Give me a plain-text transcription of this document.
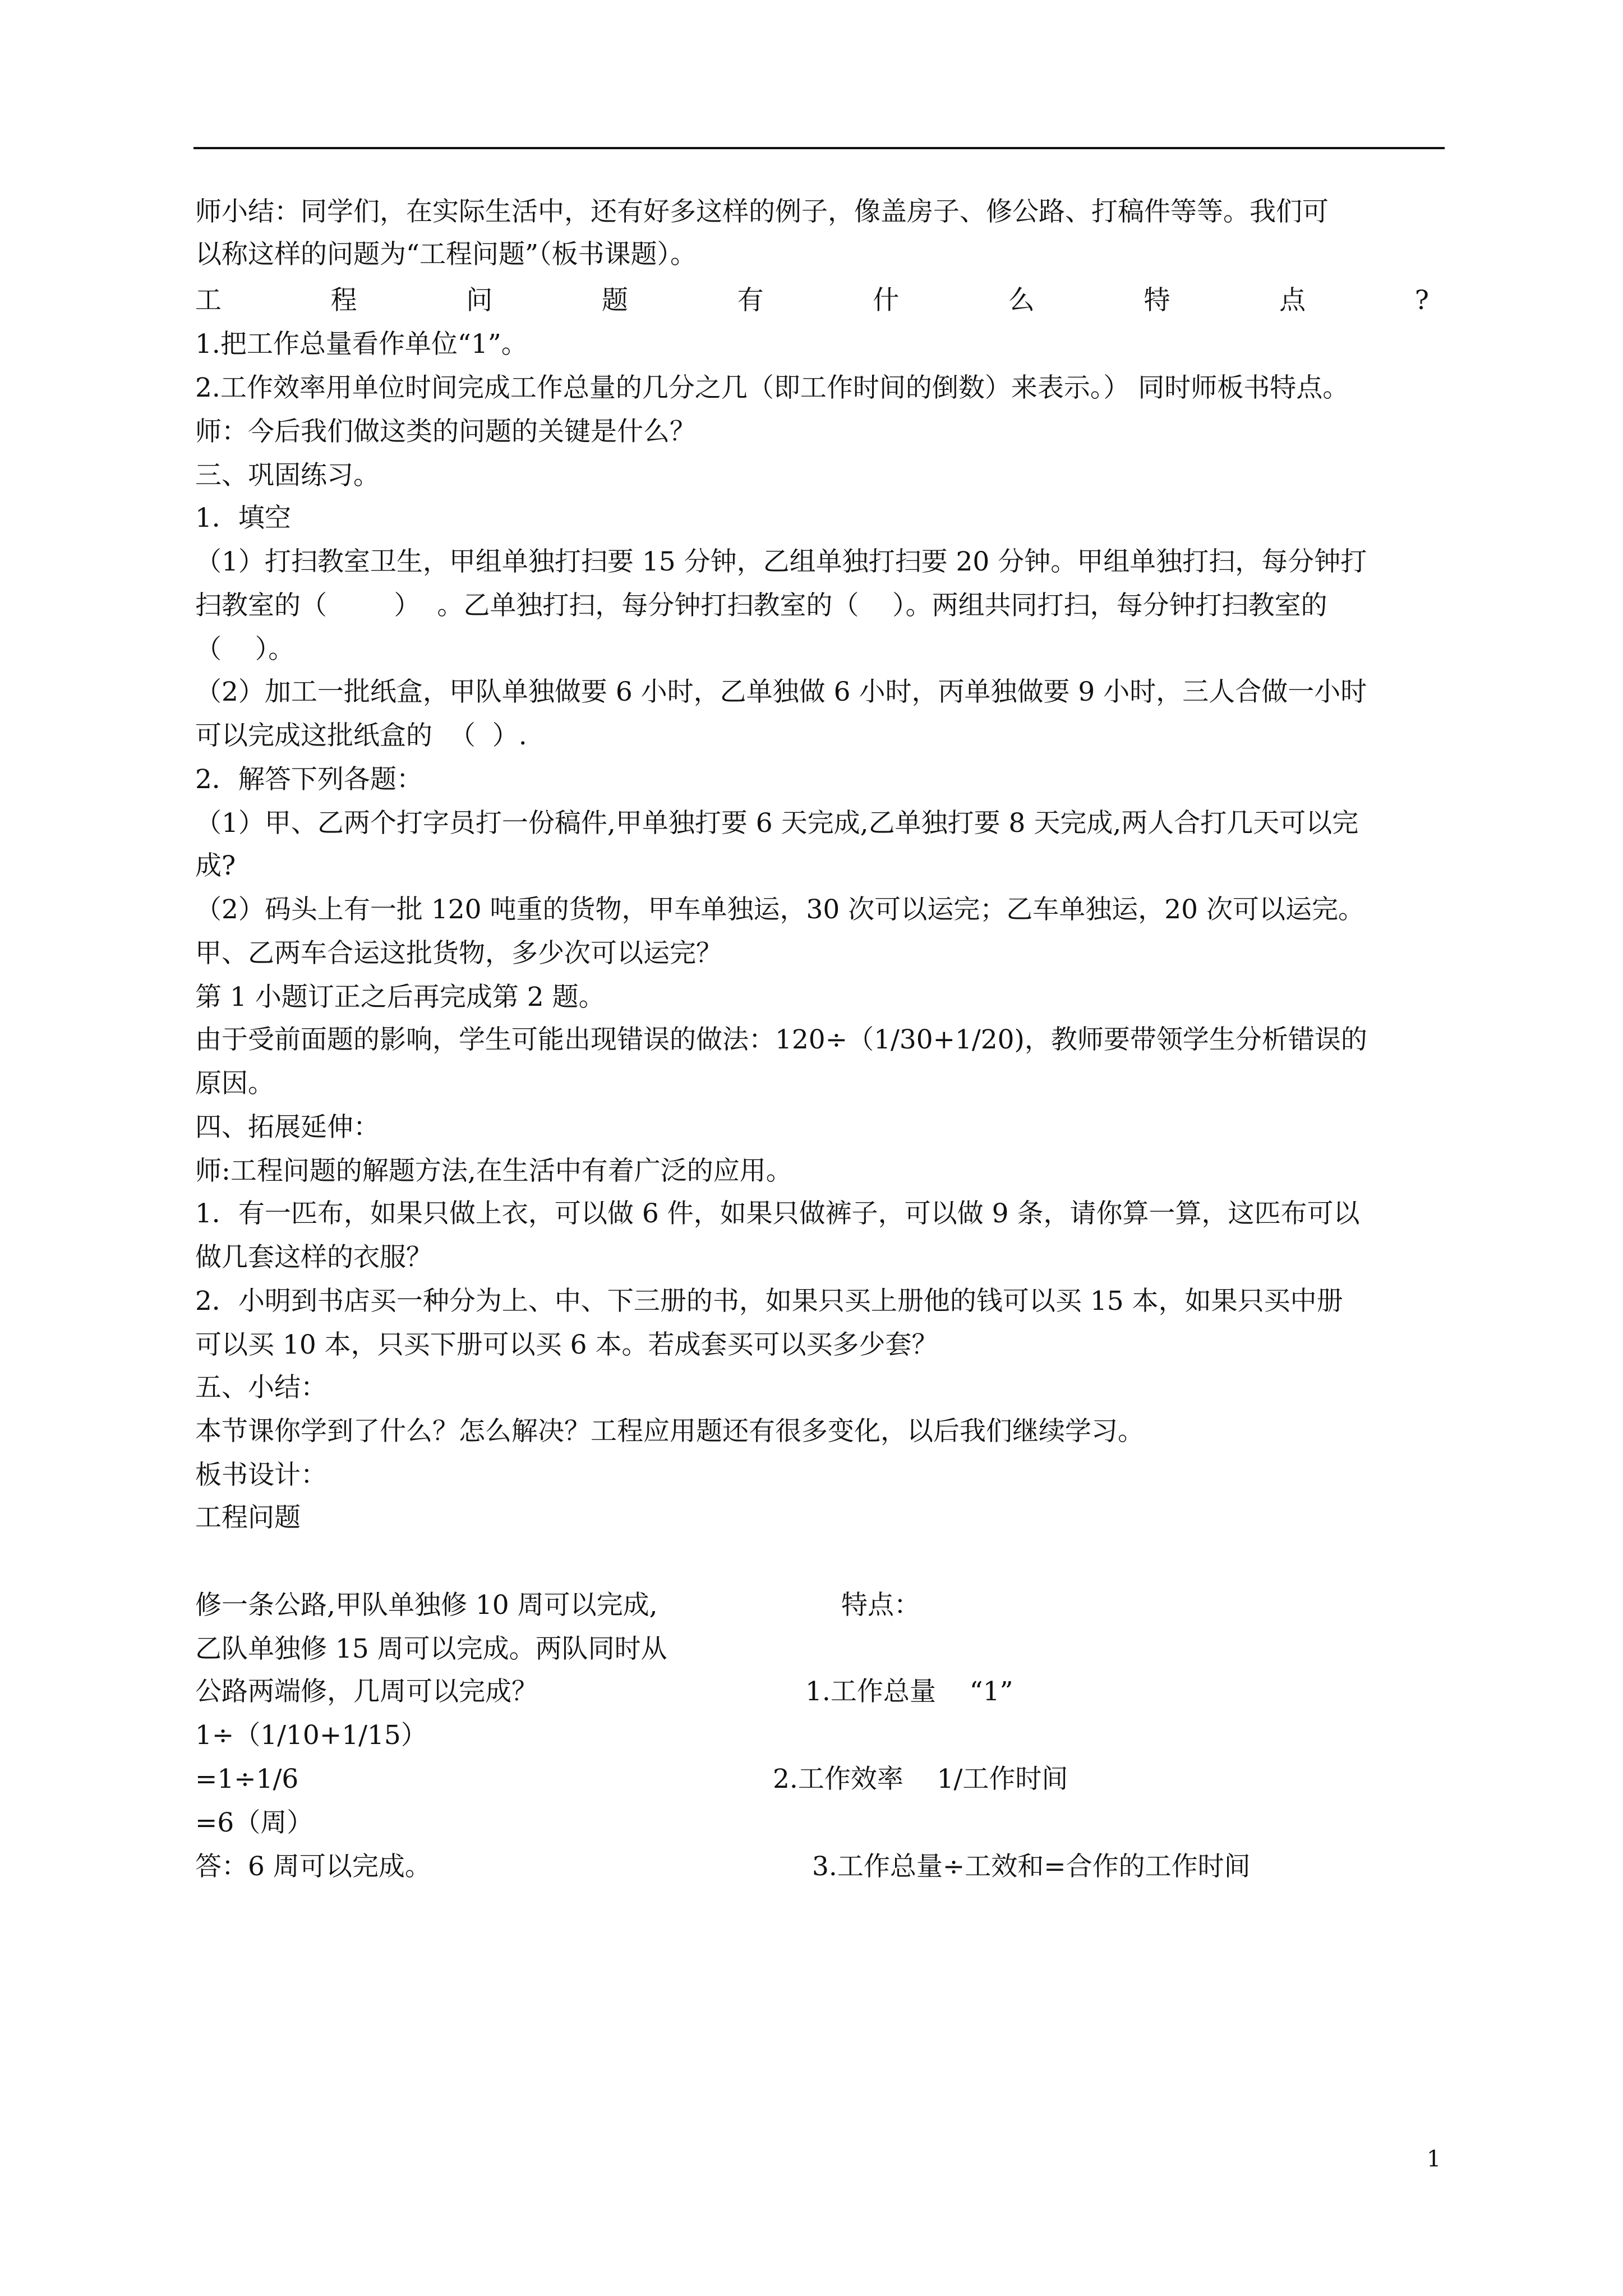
师小结：同学们，在实际生活中，还有好多这样的例子，像盖房子、修公路、打稿件等等。我们可
以称这样的问题为“工程问题”（板书课题）。
工	程	问	题	有	什	么	特	点	?
1.把工作总量看作单位“1”。
2.工作效率用单位时间完成工作总量的几分之几（即工作时间的倒数）来表示。） 同时师板书特点。
师：今后我们做这类的问题的关键是什么？
三、巩固练习。
1．填空
（1）打扫教室卫生，甲组单独打扫要 15 分钟，乙组单独打扫要 20 分钟。甲组单独打扫，每分钟打
扫教室的（        ）  。乙单独打扫，每分钟打扫教室的（    ）。两组共同打扫，每分钟打扫教室的
（    ）。
（2）加工一批纸盒，甲队单独做要 6 小时，乙单独做 6 小时，丙单独做要 9 小时，三人合做一小时
可以完成这批纸盒的  （  ）.
2．解答下列各题：
（1）甲、乙两个打字员打一份稿件,甲单独打要 6 天完成,乙单独打要 8 天完成,两人合打几天可以完
成?
（2）码头上有一批 120 吨重的货物，甲车单独运，30 次可以运完；乙车单独运，20 次可以运完。
甲、乙两车合运这批货物，多少次可以运完？
第 1 小题订正之后再完成第 2 题。
由于受前面题的影响，学生可能出现错误的做法：120÷（1/30+1/20)，教师要带领学生分析错误的
原因。
四、拓展延伸：
师:工程问题的解题方法,在生活中有着广泛的应用。
1．有一匹布，如果只做上衣，可以做 6 件，如果只做裤子，可以做 9 条，请你算一算，这匹布可以
做几套这样的衣服？
2．小明到书店买一种分为上、中、下三册的书，如果只买上册他的钱可以买 15 本，如果只买中册
可以买 10 本，只买下册可以买 6 本。若成套买可以买多少套？
五、小结：
本节课你学到了什么？怎么解决？工程应用题还有很多变化，以后我们继续学习。
板书设计：
工程问题
修一条公路,甲队单独修 10 周可以完成,	特点：
乙队单独修 15 周可以完成。两队同时从
公路两端修，几周可以完成？	1.工作总量    “1”
1÷（1/10+1/15）
=1÷1/6	2.工作效率    1/工作时间
=6（周）
答：6 周可以完成。	3.工作总量÷工效和=合作的工作时间
1
